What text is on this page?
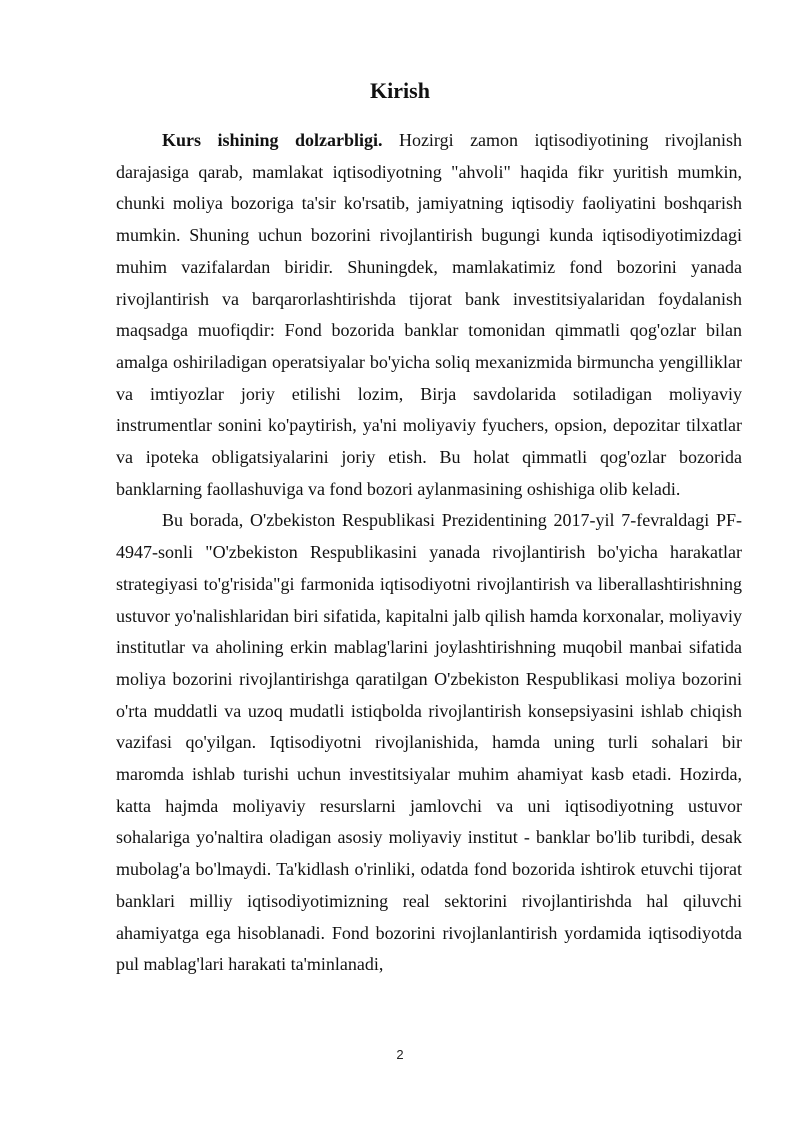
Kirish

Kurs ishining dolzarbligi. Hozirgi zamon iqtisodiyotining rivojlanish darajasiga qarab, mamlakat iqtisodiyotning "ahvoli" haqida fikr yuritish mumkin, chunki moliya bozoriga ta'sir ko'rsatib, jamiyatning iqtisodiy faoliyatini boshqarish mumkin. Shuning uchun bozorini rivojlantirish bugungi kunda iqtisodiyotimizdagi muhim vazifalardan biridir. Shuningdek, mamlakatimiz fond bozorini yanada rivojlantirish va barqarorlashtirishda tijorat bank investitsiyalaridan foydalanish maqsadga muofiqdir: Fond bozorida banklar tomonidan qimmatli qog'ozlar bilan amalga oshiriladigan operatsiyalar bo'yicha soliq mexanizmida birmuncha yengilliklar va imtiyozlar joriy etilishi lozim, Birja savdolarida sotiladigan moliyaviy instrumentlar sonini ko'paytirish, ya'ni moliyaviy fyuchers, opsion, depozitar tilxatlar va ipoteka obligatsiyalarini joriy etish. Bu holat qimmatli qog'ozlar bozorida banklarning faollashuviga va fond bozori aylanmasining oshishiga olib keladi.

Bu borada, O'zbekiston Respublikasi Prezidentining 2017-yil 7-fevraldagi PF-4947-sonli "O'zbekiston Respublikasini yanada rivojlantirish bo'yicha harakatlar strategiyasi to'g'risida"gi farmonida iqtisodiyotni rivojlantirish va liberallashtirishning ustuvor yo'nalishlaridan biri sifatida, kapitalni jalb qilish hamda korxonalar, moliyaviy institutlar va aholining erkin mablag'larini joylashtirishning muqobil manbai sifatida moliya bozorini rivojlantirishga qaratilgan O'zbekiston Respublikasi moliya bozorini o'rta muddatli va uzoq mudatli istiqbolda rivojlantirish konsepsiyasini ishlab chiqish vazifasi qo'yilgan. Iqtisodiyotni rivojlanishida, hamda uning turli sohalari bir maromda ishlab turishi uchun investitsiyalar muhim ahamiyat kasb etadi. Hozirda, katta hajmda moliyaviy resurslarni jamlovchi va uni iqtisodiyotning ustuvor sohalariga yo'naltira oladigan asosiy moliyaviy institut - banklar bo'lib turibdi, desak mubolag'a bo'lmaydi. Ta'kidlash o'rinliki, odatda fond bozorida ishtirok etuvchi tijorat banklari milliy iqtisodiyotimizning real sektorini rivojlantirishda hal qiluvchi ahamiyatga ega hisoblanadi. Fond bozorini rivojlanlantirish yordamida iqtisodiyotda pul mablag'lari harakati ta'minlanadi,

2
